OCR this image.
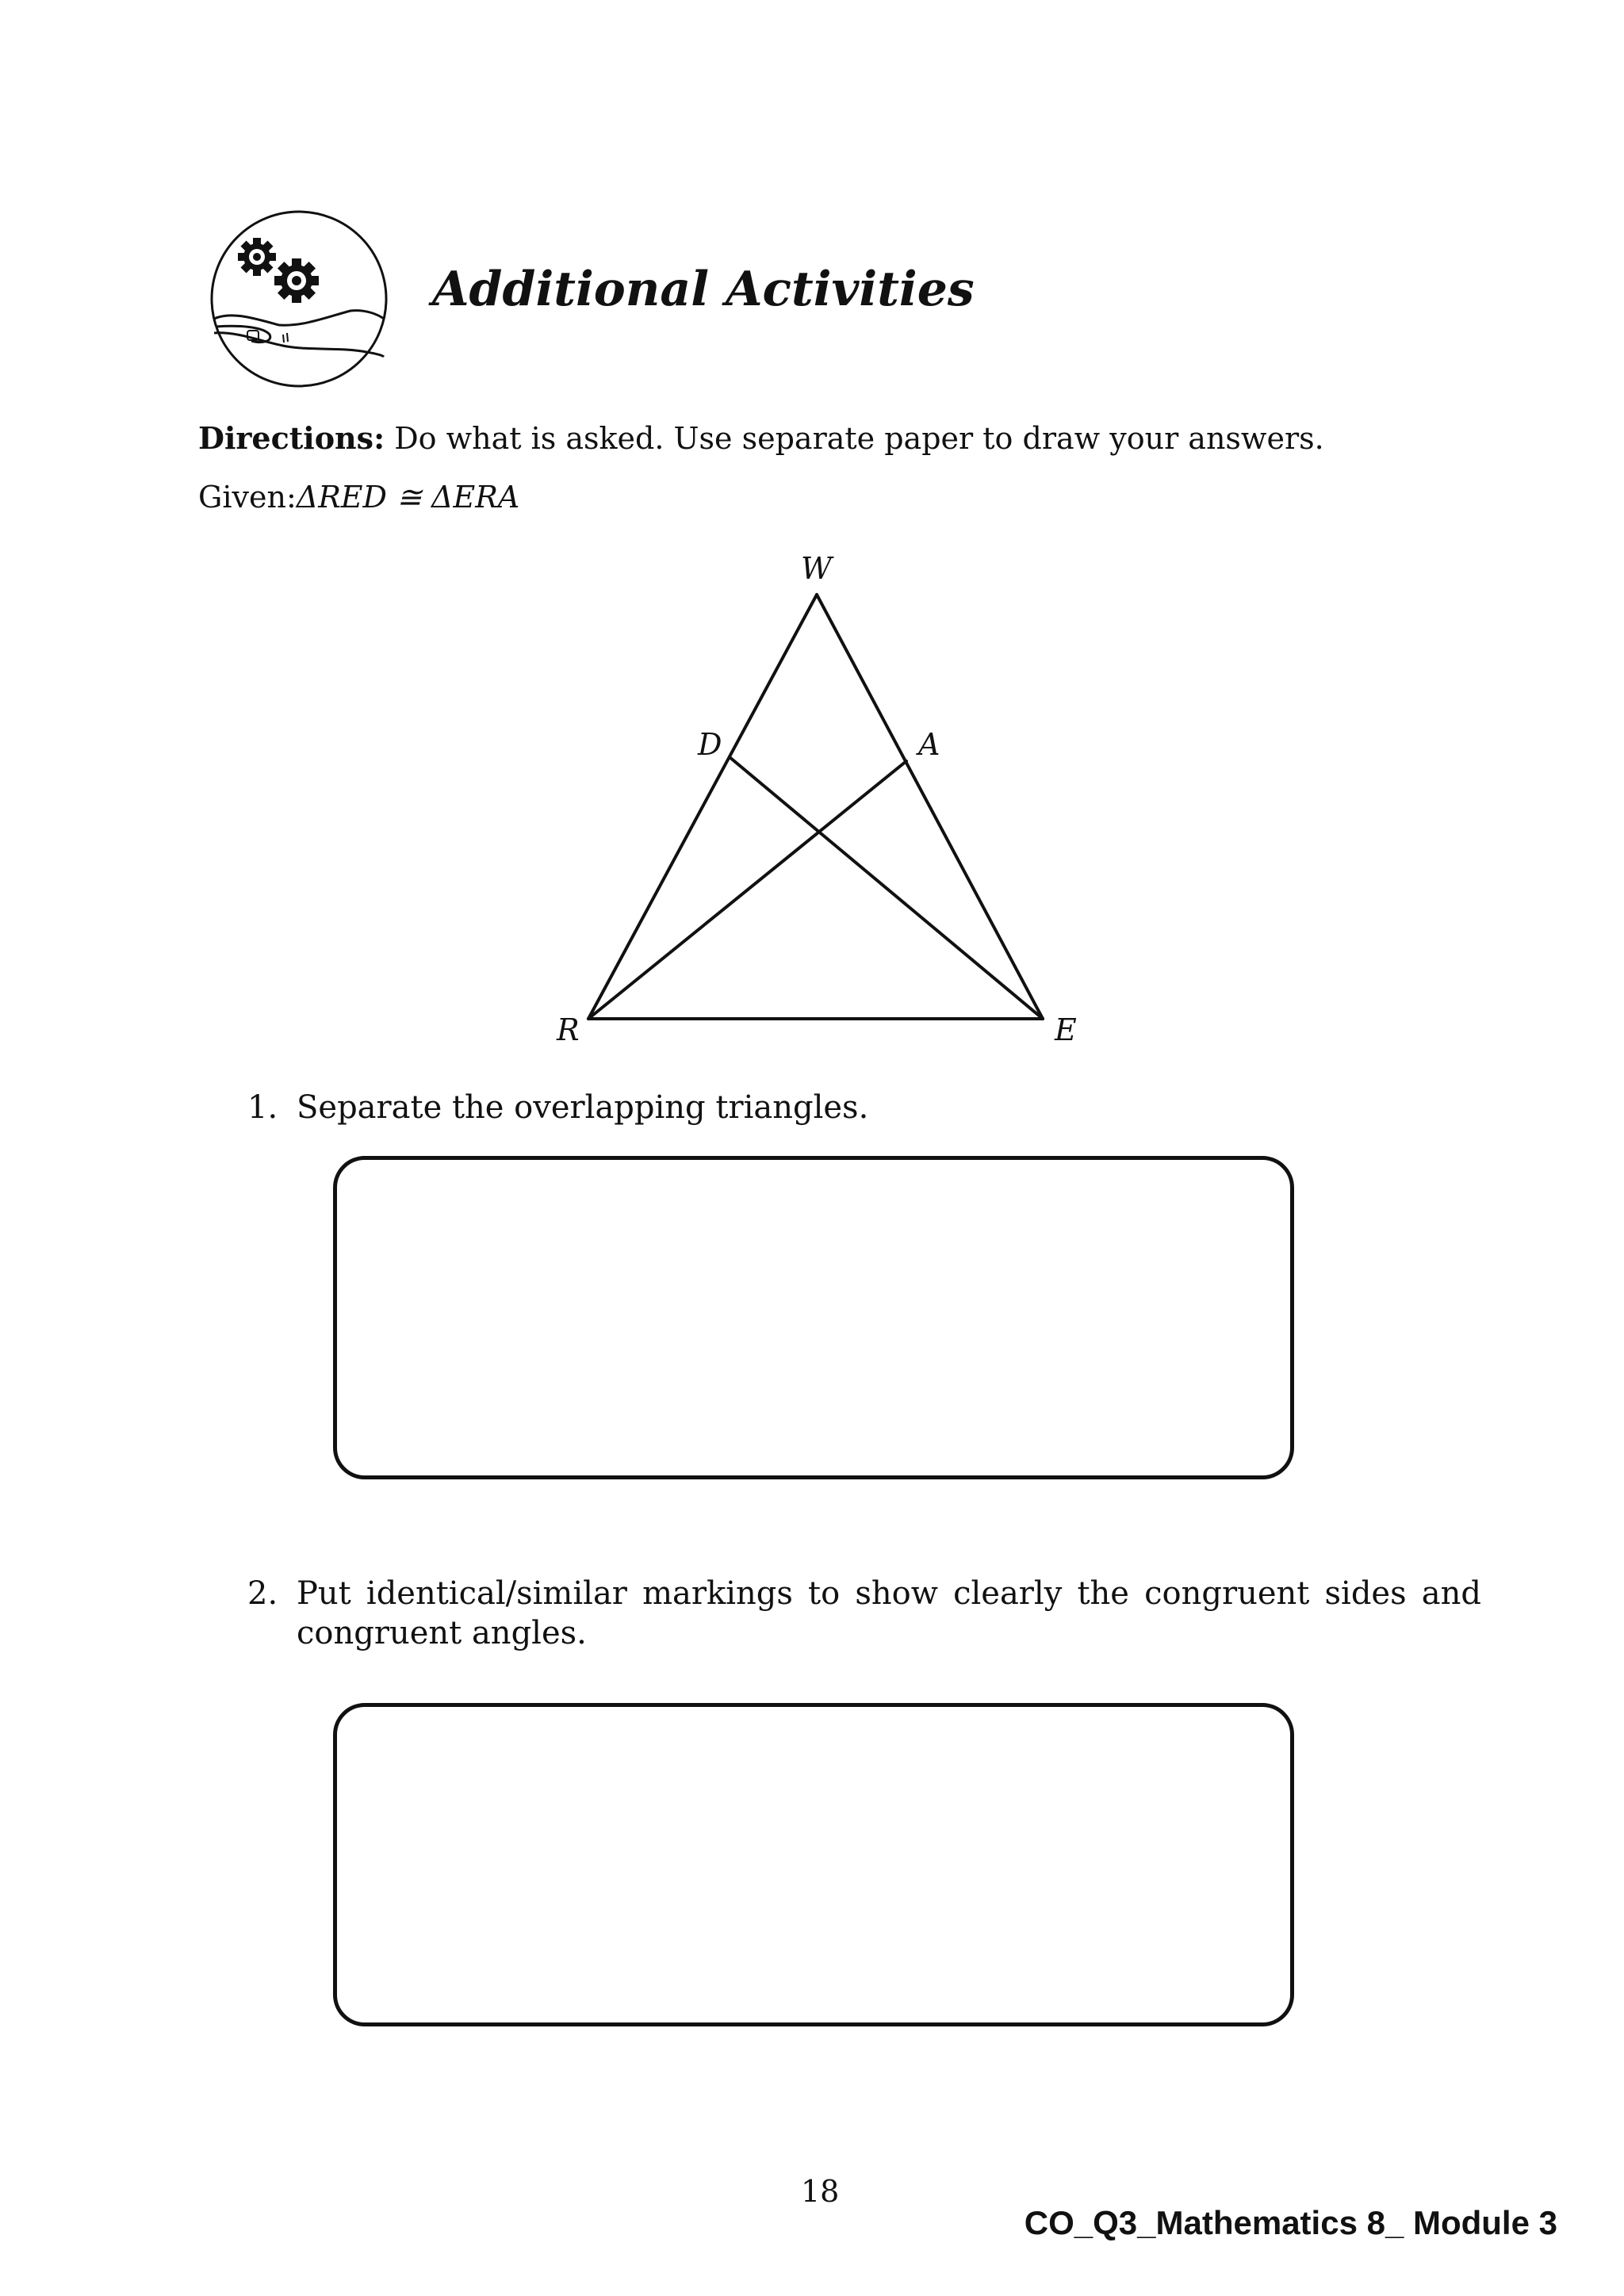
Additional Activities
Directions: Do what is asked. Use separate paper to draw your answers.
Given:ΔRED ≅ ΔERA
W
D	A
R	E
1. Separate the overlapping triangles.
2. Put identical/similar markings to show clearly the congruent sides and congruent angles.
18
CO_Q3_Mathematics 8_ Module 3
